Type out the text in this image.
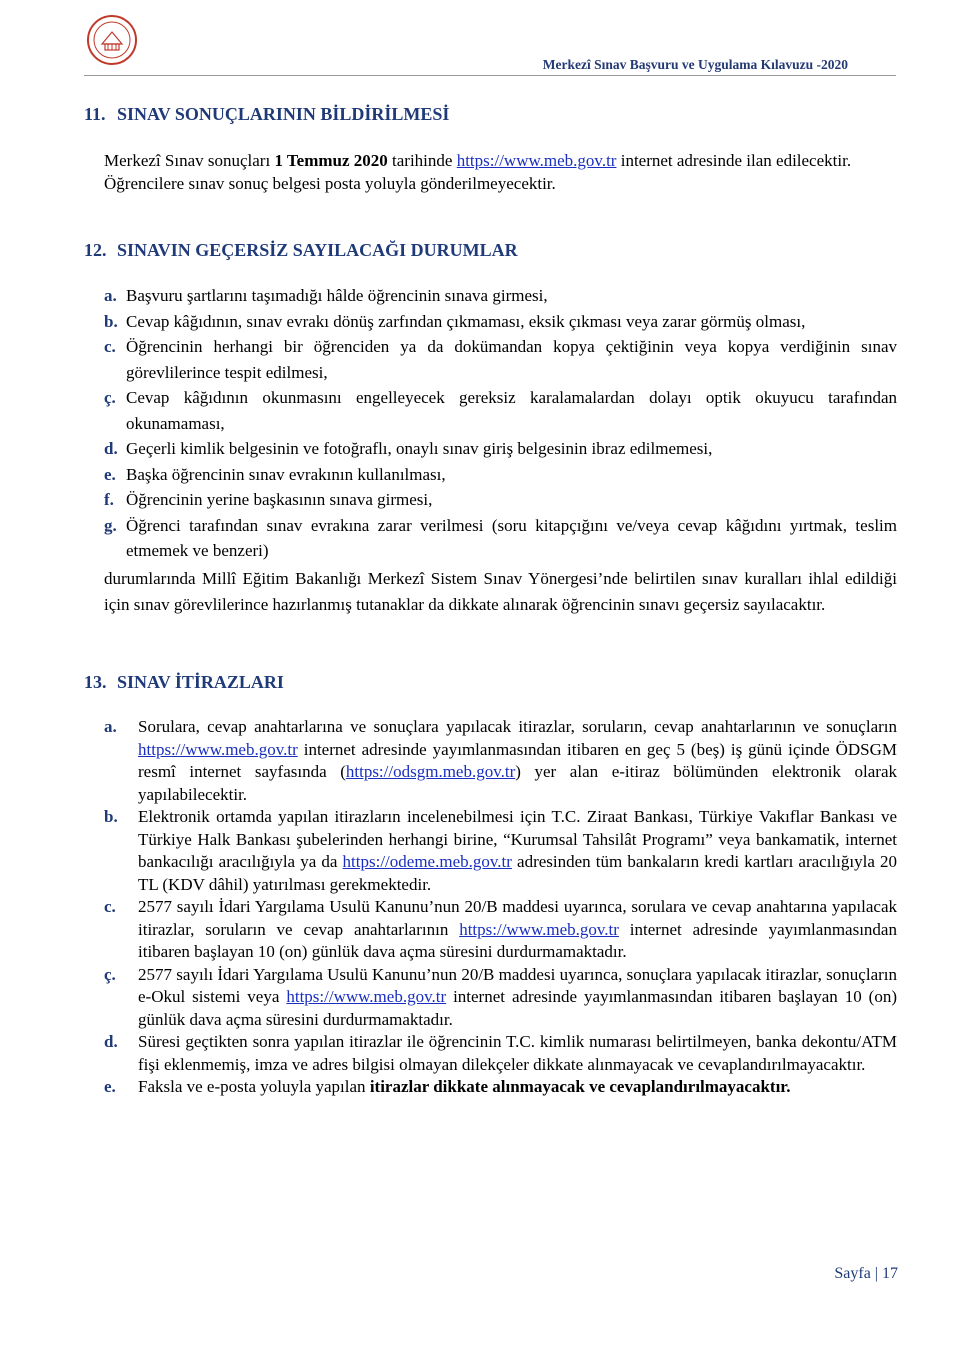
Merkezî Sınav Başvuru ve Uygulama Kılavuzu -2020
11. SINAV SONUÇLARININ BİLDİRİLMESİ

Merkezî Sınav sonuçları 1 Temmuz 2020 tarihinde https://www.meb.gov.tr internet adresinde ilan edilecektir.

Öğrencilere sınav sonuç belgesi posta yoluyla gönderilmeyecektir.

12. SINAVIN GEÇERSİZ SAYILACAĞI DURUMLAR
a. Başvuru şartlarını taşımadığı hâlde öğrencinin sınava girmesi,
b. Cevap kâğıdının, sınav evrakı dönüş zarfından çıkmaması, eksik çıkması veya zarar görmüş olması,
c. Öğrencinin herhangi bir öğrenciden ya da dokümandan kopya çektiğinin veya kopya verdiğinin sınav görevlilerince tespit edilmesi,
ç. Cevap kâğıdının okunmasını engelleyecek gereksiz karalamalardan dolayı optik okuyucu tarafından okunamaması,
d. Geçerli kimlik belgesinin ve fotoğraflı, onaylı sınav giriş belgesinin ibraz edilmemesi,
e. Başka öğrencinin sınav evrakının kullanılması,
f. Öğrencinin yerine başkasının sınava girmesi,
g. Öğrenci tarafından sınav evrakına zarar verilmesi (soru kitapçığını ve/veya cevap kâğıdını yırtmak, teslim etmemek ve benzeri)
durumlarında Millî Eğitim Bakanlığı Merkezî Sistem Sınav Yönergesi’nde belirtilen sınav kuralları ihlal edildiği için sınav görevlilerince hazırlanmış tutanaklar da dikkate alınarak öğrencinin sınavı geçersiz sayılacaktır.
13. SINAV İTİRAZLARI
a. Sorulara, cevap anahtarlarına ve sonuçlara yapılacak itirazlar, soruların, cevap anahtarlarının ve sonuçların https://www.meb.gov.tr internet adresinde yayımlanmasından itibaren en geç 5 (beş) iş günü içinde ÖDSGM resmî internet sayfasında (https://odsgm.meb.gov.tr) yer alan e-itiraz bölümünden elektronik olarak yapılabilecektir.
b. Elektronik ortamda yapılan itirazların incelenebilmesi için T.C. Ziraat Bankası, Türkiye Vakıflar Bankası ve Türkiye Halk Bankası şubelerinden herhangi birine, “Kurumsal Tahsilât Programı” veya bankamatik, internet bankacılığı aracılığıyla ya da https://odeme.meb.gov.tr adresinden tüm bankaların kredi kartları aracılığıyla 20 TL (KDV dâhil) yatırılması gerekmektedir.
c. 2577 sayılı İdari Yargılama Usulü Kanunu’nun 20/B maddesi uyarınca, sorulara ve cevap anahtarına yapılacak itirazlar, soruların ve cevap anahtarlarının https://www.meb.gov.tr internet adresinde yayımlanmasından itibaren başlayan 10 (on) günlük dava açma süresini durdurmamaktadır.
ç. 2577 sayılı İdari Yargılama Usulü Kanunu’nun 20/B maddesi uyarınca, sonuçlara yapılacak itirazlar, sonuçların e-Okul sistemi veya https://www.meb.gov.tr internet adresinde yayımlanmasından itibaren başlayan 10 (on) günlük dava açma süresini durdurmamaktadır.
d. Süresi geçtikten sonra yapılan itirazlar ile öğrencinin T.C. kimlik numarası belirtilmeyen, banka dekontu/ATM fişi eklenmemiş, imza ve adres bilgisi olmayan dilekçeler dikkate alınmayacak ve cevaplandırılmayacaktır.
e. Faksla ve e-posta yoluyla yapılan itirazlar dikkate alınmayacak ve cevaplandırılmayacaktır.
Sayfa | 17
